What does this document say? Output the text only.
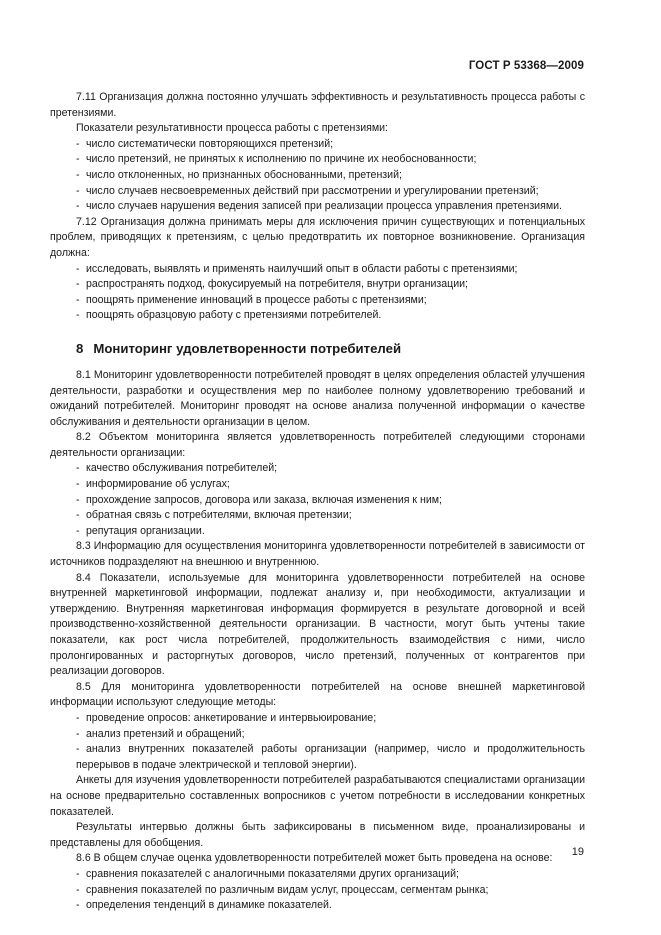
ГОСТ Р 53368—2009

7.11 Организация должна постоянно улучшать эффективность и результативность процесса работы с претензиями.

Показатели результативности процесса работы с претензиями:

- число систематически повторяющихся претензий;
- число претензий, не принятых к исполнению по причине их необоснованности;
- число отклоненных, но признанных обоснованными, претензий;
- число случаев несвоевременных действий при рассмотрении и урегулировании претензий;
- число случаев нарушения ведения записей при реализации процесса управления претензиями.

7.12 Организация должна принимать меры для исключения причин существующих и потенциальных проблем, приводящих к претензиям, с целью предотвратить их повторное возникновение. Организация должна:

- исследовать, выявлять и применять наилучший опыт в области работы с претензиями;
- распространять подход, фокусируемый на потребителя, внутри организации;
- поощрять применение инноваций в процессе работы с претензиями;
- поощрять образцовую работу с претензиями потребителей.
8 Мониторинг удовлетворенности потребителей

8.1 Мониторинг удовлетворенности потребителей проводят в целях определения областей улучшения деятельности, разработки и осуществления мер по наиболее полному удовлетворению требований и ожиданий потребителей. Мониторинг проводят на основе анализа полученной информации о качестве обслуживания и деятельности организации в целом.

8.2 Объектом мониторинга является удовлетворенность потребителей следующими сторонами деятельности организации:

- качество обслуживания потребителей;
- информирование об услугах;
- прохождение запросов, договора или заказа, включая изменения к ним;
- обратная связь с потребителями, включая претензии;
- репутация организации.

8.3 Информацию для осуществления мониторинга удовлетворенности потребителей в зависимости от источников подразделяют на внешнюю и внутреннюю.

8.4 Показатели, используемые для мониторинга удовлетворенности потребителей на основе внутренней маркетинговой информации, подлежат анализу и, при необходимости, актуализации и утверждению. Внутренняя маркетинговая информация формируется в результате договорной и всей производственно-хозяйственной деятельности организации. В частности, могут быть учтены такие показатели, как рост числа потребителей, продолжительность взаимодействия с ними, число пролонгированных и расторгнутых договоров, число претензий, полученных от контрагентов при реализации договоров.

8.5 Для мониторинга удовлетворенности потребителей на основе внешней маркетинговой информации используют следующие методы:

- проведение опросов: анкетирование и интервьюирование;
- анализ претензий и обращений;
- анализ внутренних показателей работы организации (например, число и продолжительность перерывов в подаче электрической и тепловой энергии).

Анкеты для изучения удовлетворенности потребителей разрабатываются специалистами организации на основе предварительно составленных вопросников с учетом потребности в исследовании конкретных показателей.

Результаты интервью должны быть зафиксированы в письменном виде, проанализированы и представлены для обобщения.

8.6 В общем случае оценка удовлетворенности потребителей может быть проведена на основе:

- сравнения показателей с аналогичными показателями других организаций;
- сравнения показателей по различным видам услуг, процессам, сегментам рынка;
- определения тенденций в динамике показателей.
19
